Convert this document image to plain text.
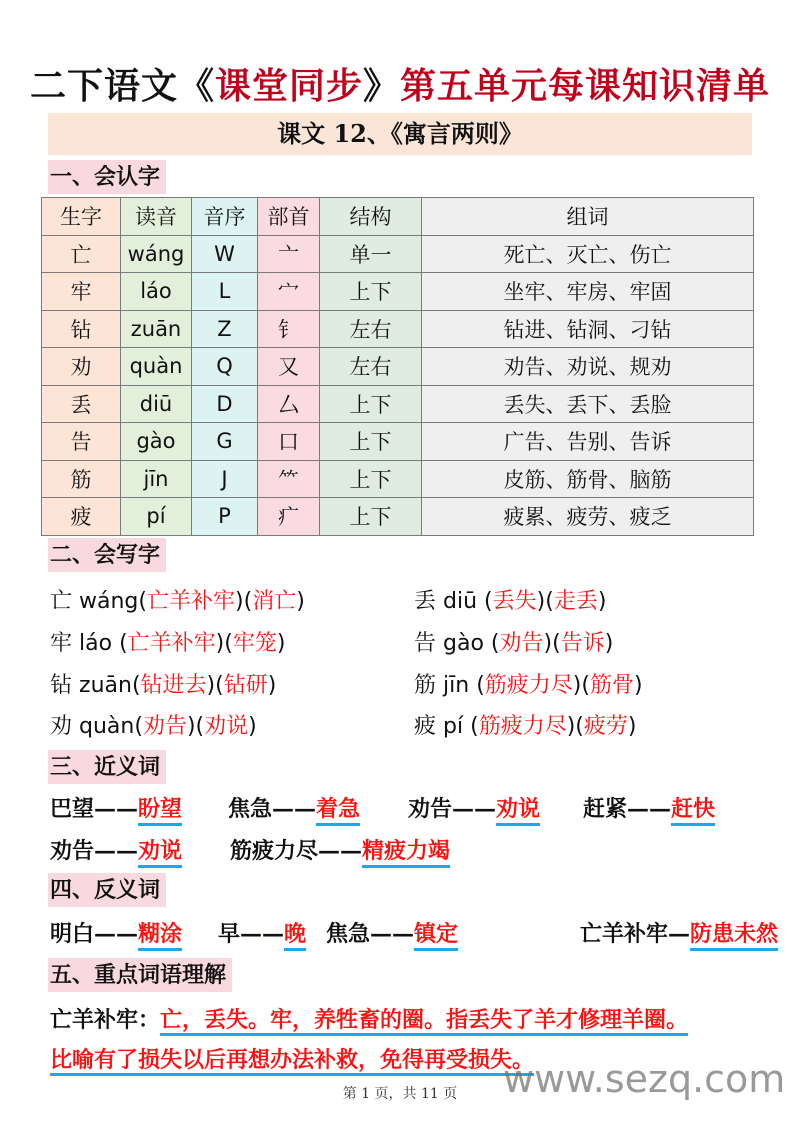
二下语文《课堂同步》第五单元每课知识清单
课文 12、《寓言两则》
一、会认字
生字	读音	音序	部首	结构	组词
亡	wáng	W	亠	单一	死亡、灭亡、伤亡
牢	láo	L	宀	上下	坐牢、牢房、牢固
钻	zuān	Z	钅	左右	钻进、钻洞、刁钻
劝	quàn	Q	又	左右	劝告、劝说、规劝
丢	diū	D	厶	上下	丢失、丢下、丢脸
告	gào	G	口	上下	广告、告别、告诉
筋	jīn	J	⺮	上下	皮筋、筋骨、脑筋
疲	pí	P	疒	上下	疲累、疲劳、疲乏
二、会写字
亡 wáng(亡羊补牢)(消亡)
牢 láo (亡羊补牢)(牢笼)
钻 zuān(钻进去)(钻研)
劝 quàn(劝告)(劝说)
丢 diū (丢失)(走丢)
告 gào (劝告)(告诉)
筋 jīn (筋疲力尽)(筋骨)
疲 pí (筋疲力尽)(疲劳)
三、近义词
巴望——盼望 焦急——着急 劝告——劝说 赶紧——赶快
劝告——劝说 筋疲力尽——精疲力竭
四、反义词
明白——糊涂 早——晚 焦急——镇定	亡羊补牢—防患未然
五、重点词语理解
亡羊补牢：亡，丢失。牢，养牲畜的圈。指丢失了羊才修理羊圈。
比喻有了损失以后再想办法补救，免得再受损失。
www.sezq.com
第 1 页，共 11 页
